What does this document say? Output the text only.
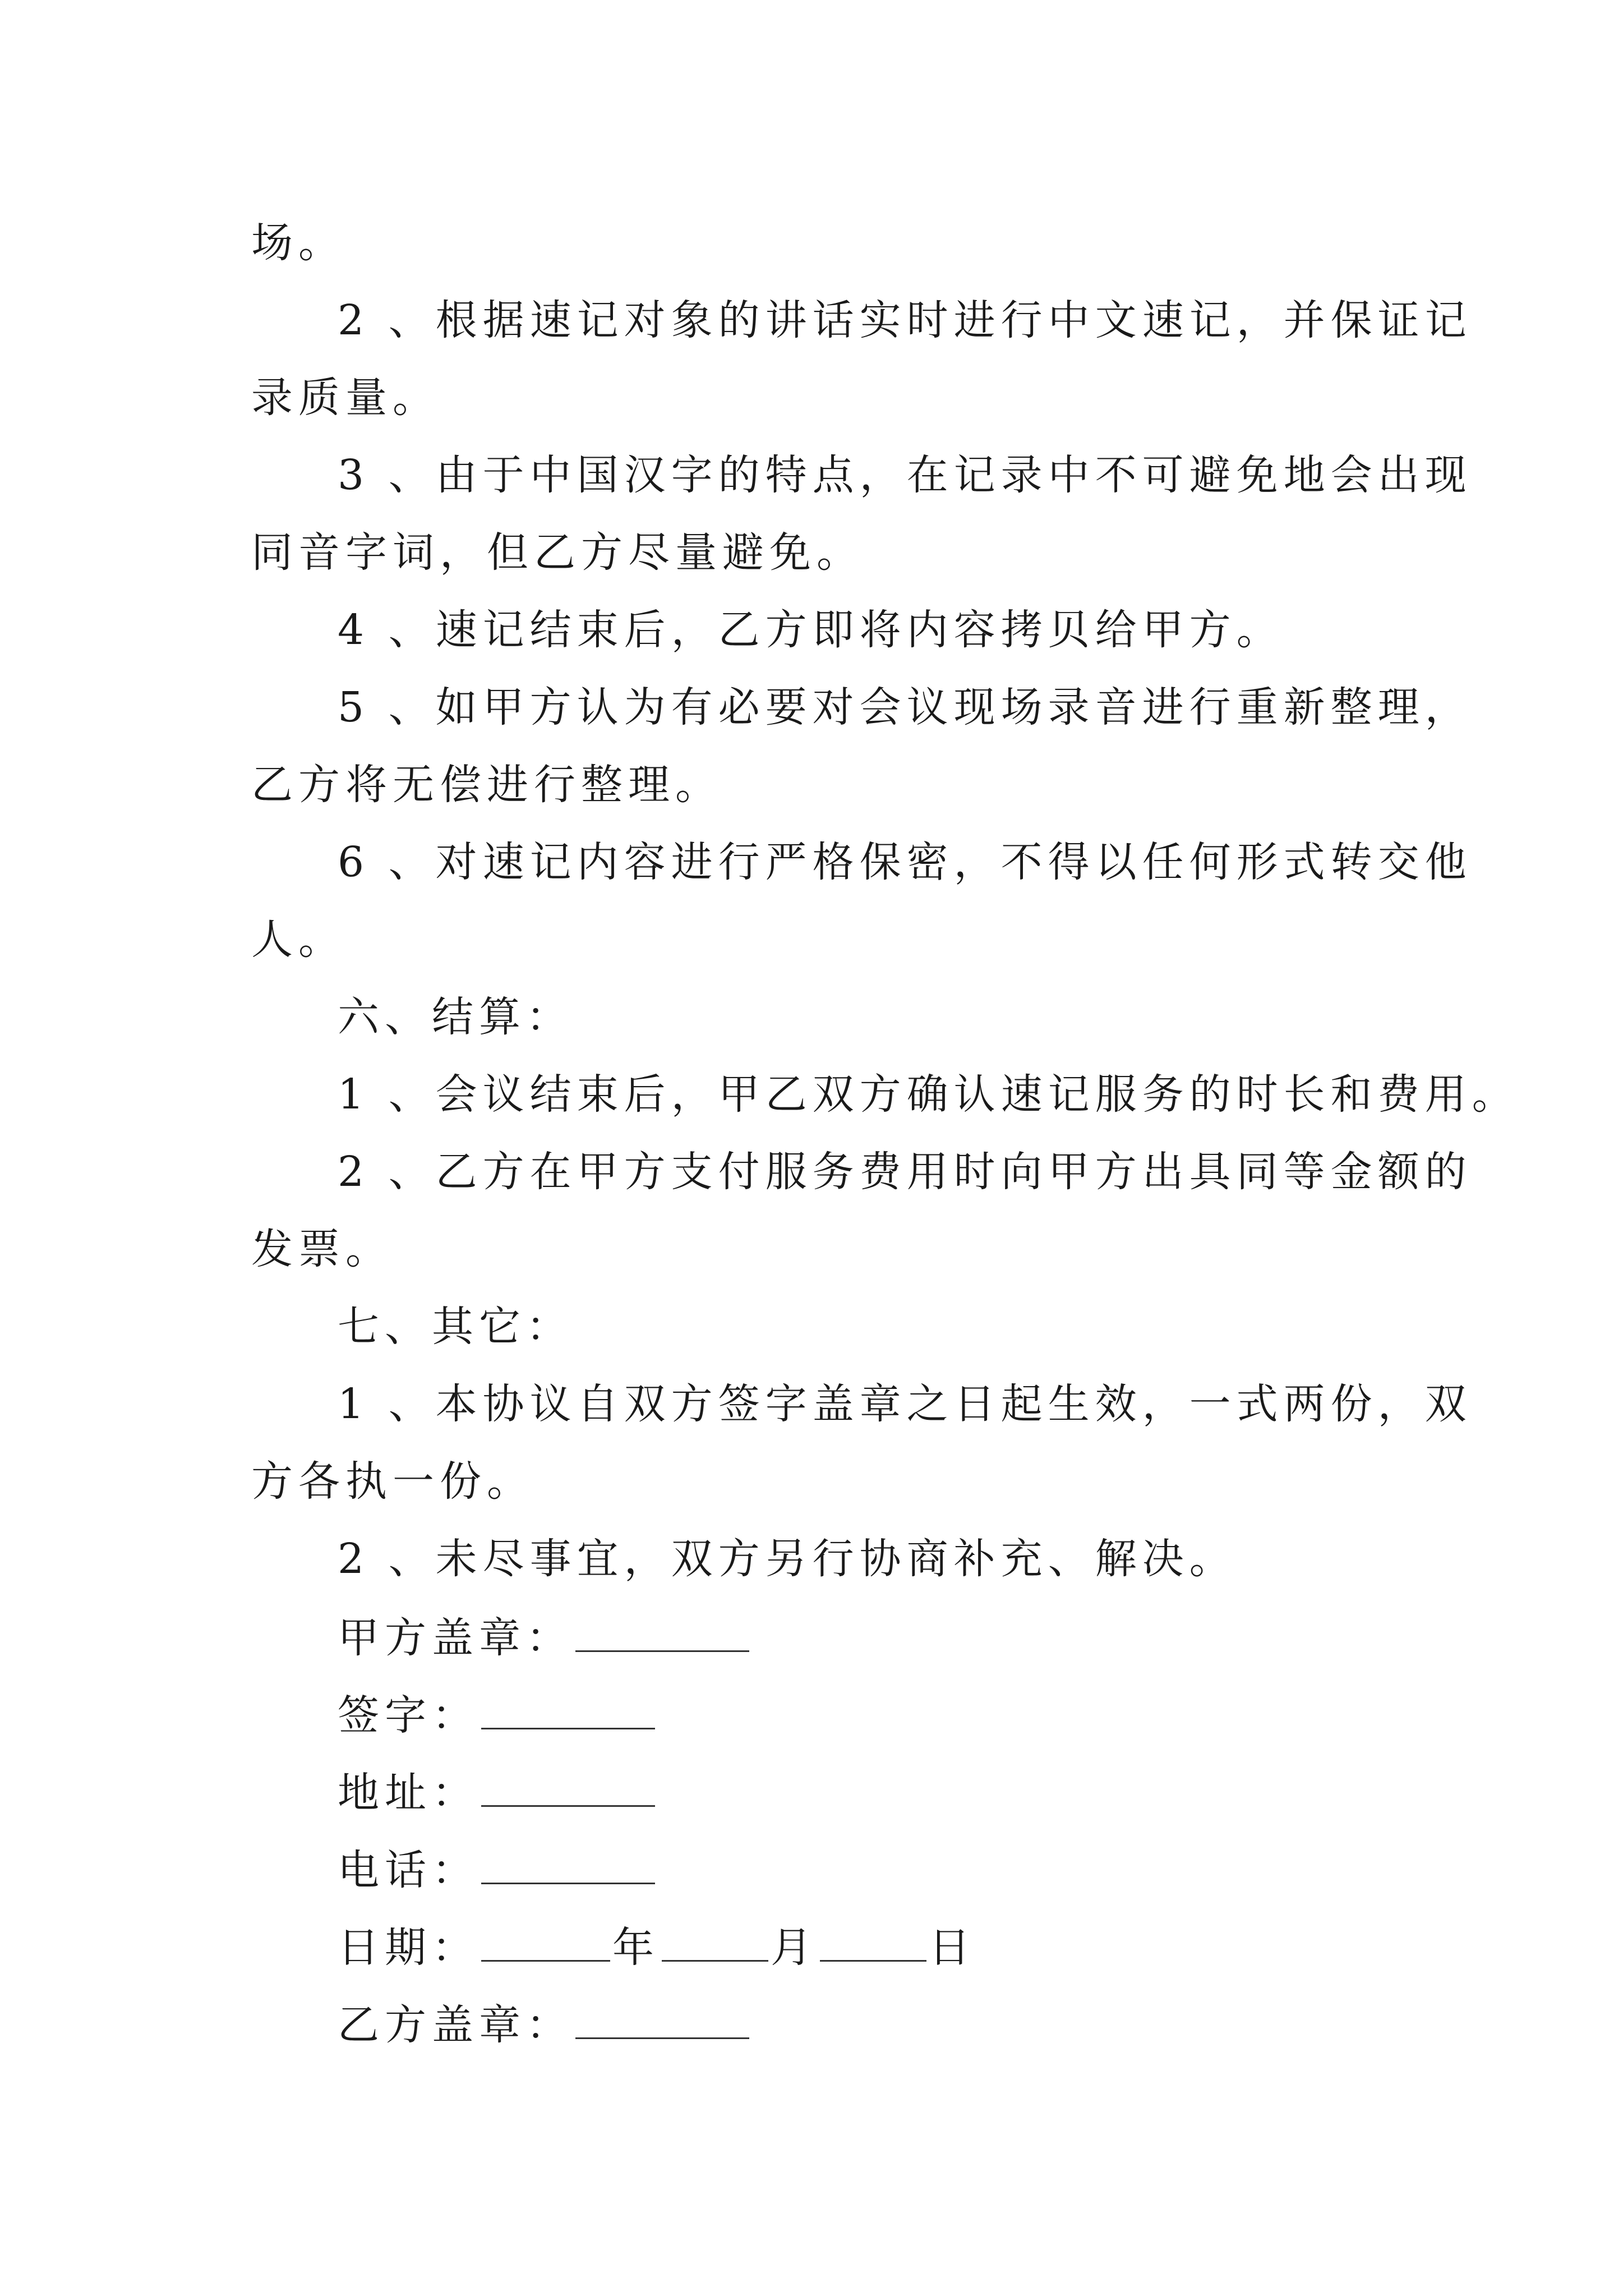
场。
2 、根据速记对象的讲话实时进行中文速记，并保证记
录质量。
3 、由于中国汉字的特点，在记录中不可避免地会出现
同音字词，但乙方尽量避免。
4 、速记结束后，乙方即将内容拷贝给甲方。
5 、如甲方认为有必要对会议现场录音进行重新整理，
乙方将无偿进行整理。
6 、对速记内容进行严格保密，不得以任何形式转交他
人。
六、结算：
1 、会议结束后，甲乙双方确认速记服务的时长和费用。
2 、乙方在甲方支付服务费用时向甲方出具同等金额的
发票。
七、其它：
1 、本协议自双方签字盖章之日起生效，一式两份，双
方各执一份。
2 、未尽事宜，双方另行协商补充、解决。
甲方盖章：
签字：
地址：
电话：
日期：	年	月	日
乙方盖章：
